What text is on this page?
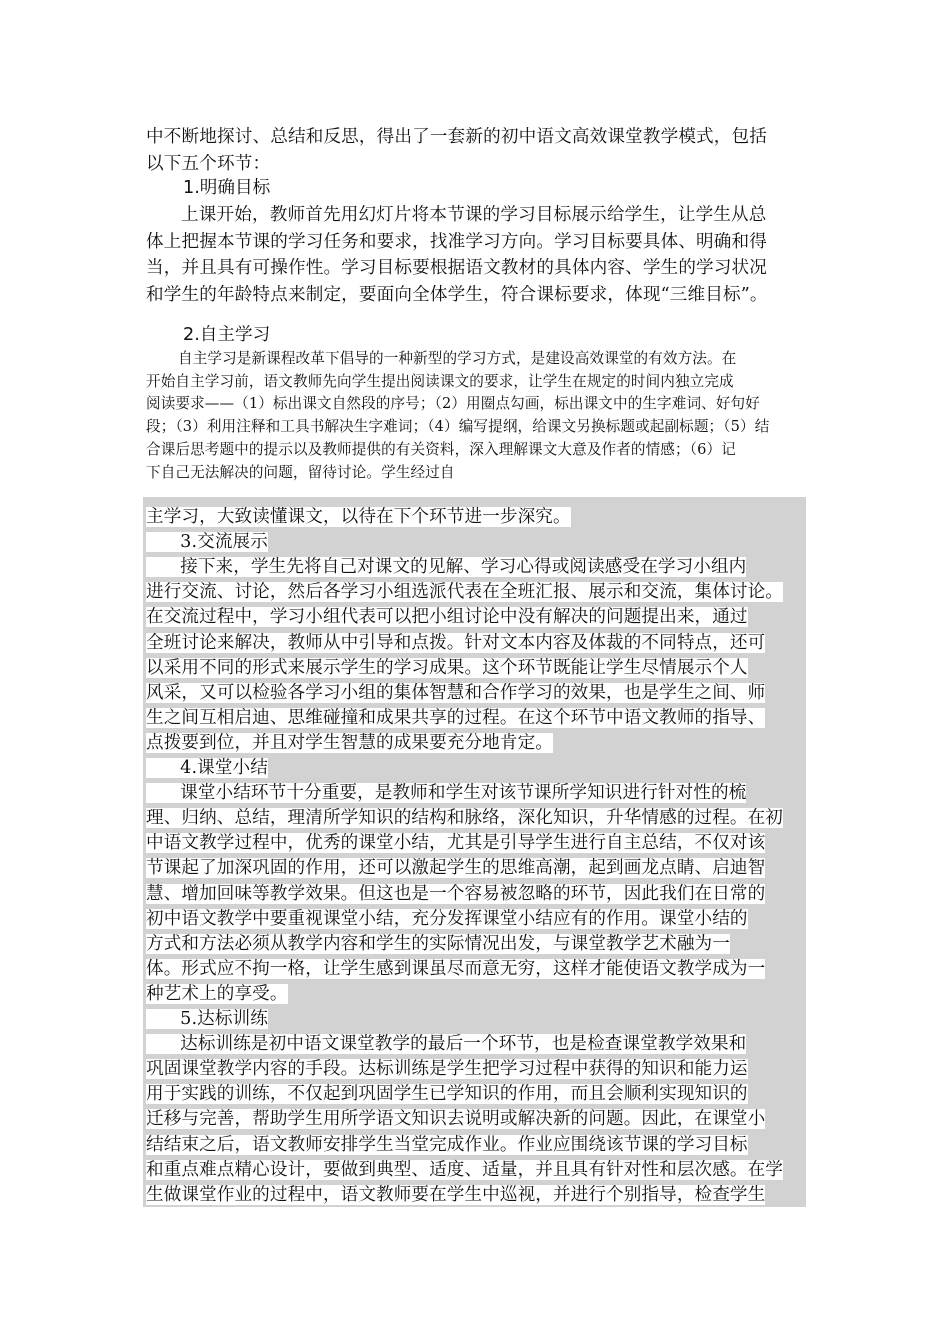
中不断地探讨、总结和反思，得出了一套新的初中语文高效课堂教学模式，包括
以下五个环节：
1.明确目标
上课开始，教师首先用幻灯片将本节课的学习目标展示给学生，让学生从总
体上把握本节课的学习任务和要求，找准学习方向。学习目标要具体、明确和得
当，并且具有可操作性。学习目标要根据语文教材的具体内容、学生的学习状况
和学生的年龄特点来制定，要面向全体学生，符合课标要求，体现“三维目标”。
2.自主学习
自主学习是新课程改革下倡导的一种新型的学习方式，是建设高效课堂的有效方法。在
开始自主学习前，语文教师先向学生提出阅读课文的要求，让学生在规定的时间内独立完成
阅读要求——（1）标出课文自然段的序号；（2）用圈点勾画，标出课文中的生字难词、好句好
段；（3）利用注释和工具书解决生字难词；（4）编写提纲，给课文另换标题或起副标题；（5）结
合课后思考题中的提示以及教师提供的有关资料，深入理解课文大意及作者的情感；（6）记
下自己无法解决的问题，留待讨论。学生经过自
主学习，大致读懂课文，以待在下个环节进一步深究。
3.交流展示
接下来，学生先将自己对课文的见解、学习心得或阅读感受在学习小组内
进行交流、讨论，然后各学习小组选派代表在全班汇报、展示和交流，集体讨论。
在交流过程中，学习小组代表可以把小组讨论中没有解决的问题提出来，通过
全班讨论来解决，教师从中引导和点拨。针对文本内容及体裁的不同特点，还可
以采用不同的形式来展示学生的学习成果。这个环节既能让学生尽情展示个人
风采，又可以检验各学习小组的集体智慧和合作学习的效果，也是学生之间、师
生之间互相启迪、思维碰撞和成果共享的过程。在这个环节中语文教师的指导、
点拨要到位，并且对学生智慧的成果要充分地肯定。
4.课堂小结
课堂小结环节十分重要，是教师和学生对该节课所学知识进行针对性的梳
理、归纳、总结，理清所学知识的结构和脉络，深化知识，升华情感的过程。在初
中语文教学过程中，优秀的课堂小结，尤其是引导学生进行自主总结，不仅对该
节课起了加深巩固的作用，还可以激起学生的思维高潮，起到画龙点睛、启迪智
慧、增加回味等教学效果。但这也是一个容易被忽略的环节，因此我们在日常的
初中语文教学中要重视课堂小结，充分发挥课堂小结应有的作用。课堂小结的
方式和方法必须从教学内容和学生的实际情况出发，与课堂教学艺术融为一
体。形式应不拘一格，让学生感到课虽尽而意无穷，这样才能使语文教学成为一
种艺术上的享受。
5.达标训练
达标训练是初中语文课堂教学的最后一个环节，也是检查课堂教学效果和
巩固课堂教学内容的手段。达标训练是学生把学习过程中获得的知识和能力运
用于实践的训练，不仅起到巩固学生已学知识的作用，而且会顺利实现知识的
迁移与完善，帮助学生用所学语文知识去说明或解决新的问题。因此，在课堂小
结结束之后，语文教师安排学生当堂完成作业。作业应围绕该节课的学习目标
和重点难点精心设计，要做到典型、适度、适量，并且具有针对性和层次感。在学
生做课堂作业的过程中，语文教师要在学生中巡视，并进行个别指导，检查学生
